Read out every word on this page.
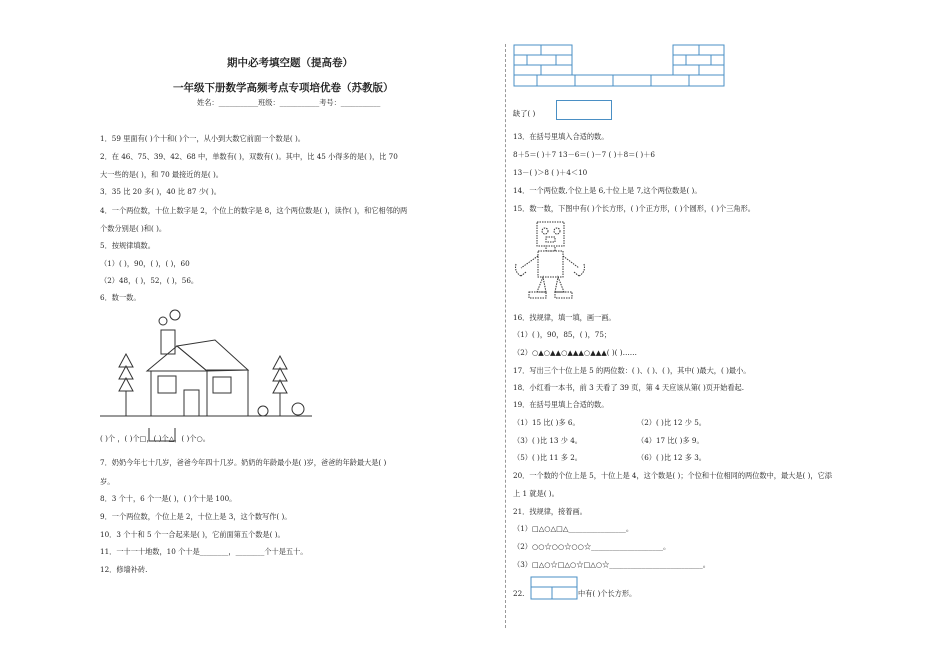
期中必考填空题（提高卷）
一年级下册数学高频考点专项培优卷（苏教版）
姓名：___________班级：___________考号：___________
1．59 里面有( )个十和( )个一，从小到大数它前面一个数是( )。
2．在 46、75、39、42、68 中，单数有( )，双数有( )。其中，比 45 小得多的是( )，比 70
大一些的是( )，和 70 最接近的是( )。
3．35 比 20 多( )，40 比 87 少( )。
4．一个两位数，十位上数字是 2，个位上的数字是 8，这个两位数是( )，读作( )，和它相邻的两
个数分别是( )和( )。
5．按规律填数。
（1）( )，90，( )，( )，60
（2）48，( )，52，( )，56。
6．数一数。
( )个 ，( )个□，( )个△，( )个○。
7．奶奶今年七十几岁，爸爸今年四十几岁。奶奶的年龄最小是( )岁，爸爸的年龄最大是( )
岁。
8．3 个十，6 个一是( )，( )个十是 100。
9．一个两位数，个位上是 2，十位上是 3，这个数写作( )。
10．3 个十和 5 个一合起来是( )，它前面第五个数是( )。
11．一十一十地数，10 个十是________，________个十是五十。
12．修墙补砖.
缺了( )
13．在括号里填入合适的数。
8＋5＝( )＋7 13－6＝( )－7 ( )＋8＝( )＋6
13－( )＞8 ( )＋4＜10
14．一个两位数,个位上是 6,十位上是 7,这个两位数是( )。
15．数一数，下图中有( )个长方形，( )个正方形，( )个圆形，( )个三角形。
16．找规律，填一填，画一画。
（1）( )，90，85，( )，75；
（2）○▲○▲▲○▲▲▲○▲▲▲( )( )……
17．写出三个十位上是 5 的两位数：( )、( )、( )，其中( )最大，( )最小。
18．小红看一本书，前 3 天看了 39 页，第 4 天应该从第( )页开始看起.
19．在括号里填上合适的数。
（1）15 比( )多 6。	（2）( )比 12 少 5。
（3）( )比 13 少 4。	（4）17 比( )多 9。
（5）( )比 11 多 2。	（6）( )比 12 多 3。
20．一个数的个位上是 5，十位上是 4，这个数是( )；个位和十位相同的两位数中，最大是( )，它添
上 1 就是( )。
21．找规律，接着画。
（1）□△○△□△________________。
（2）○○☆○○☆○○☆____________________。
（3）□△○☆□△○☆□△○☆__________________________。
22.	中有( )个长方形。
